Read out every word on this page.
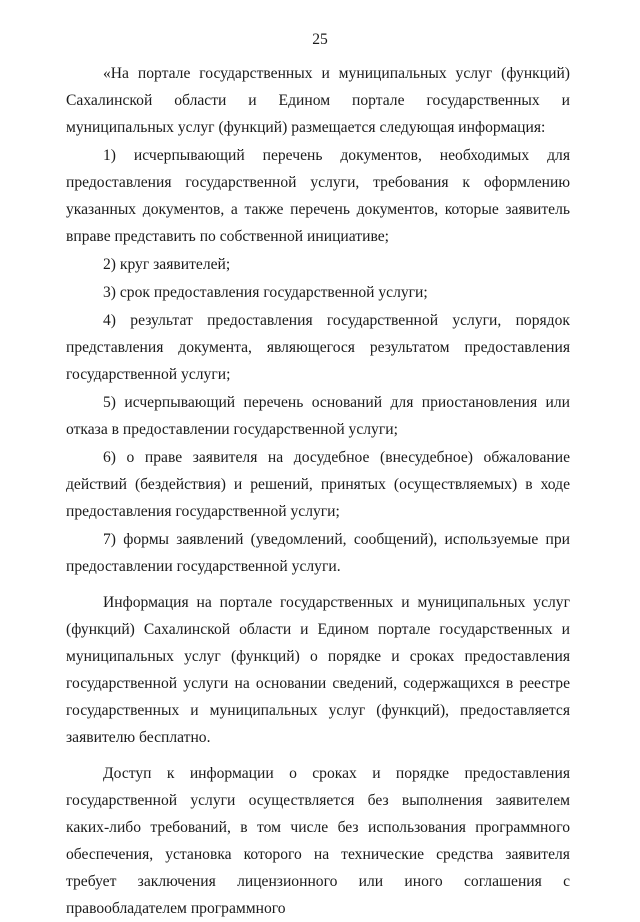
25

«На портале государственных и муниципальных услуг (функций) Сахалинской области и Едином портале государственных и муниципальных услуг (функций) размещается следующая информация:

1) исчерпывающий перечень документов, необходимых для предоставления государственной услуги, требования к оформлению указанных документов, а также перечень документов, которые заявитель вправе представить по собственной инициативе;

2) круг заявителей;

3) срок предоставления государственной услуги;

4) результат предоставления государственной услуги, порядок представления документа, являющегося результатом предоставления государственной услуги;

5) исчерпывающий перечень оснований для приостановления или отказа в предоставлении государственной услуги;

6) о праве заявителя на досудебное (внесудебное) обжалование действий (бездействия) и решений, принятых (осуществляемых) в ходе предоставления государственной услуги;

7) формы заявлений (уведомлений, сообщений), используемые при предоставлении государственной услуги.

Информация на портале государственных и муниципальных услуг (функций) Сахалинской области и Едином портале государственных и муниципальных услуг (функций) о порядке и сроках предоставления государственной услуги на основании сведений, содержащихся в реестре государственных и муниципальных услуг (функций), предоставляется заявителю бесплатно.

Доступ к информации о сроках и порядке предоставления государственной услуги осуществляется без выполнения заявителем каких-либо требований, в том числе без использования программного обеспечения, установка которого на технические средства заявителя требует заключения лицензионного или иного соглашения с правообладателем программного
